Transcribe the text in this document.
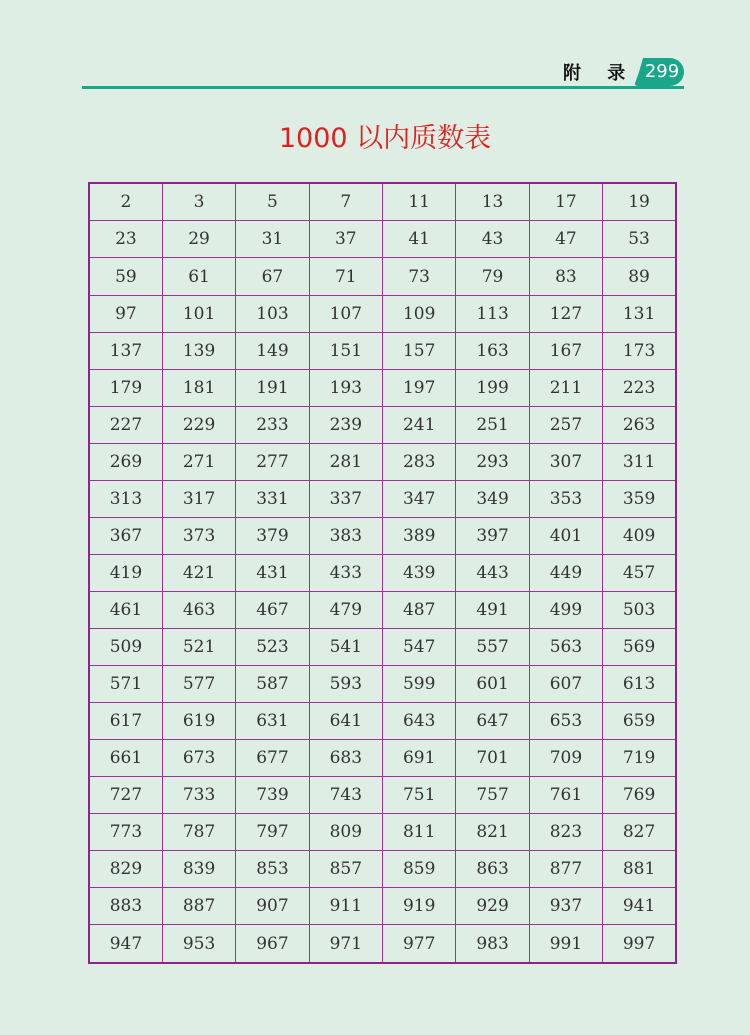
附 录 299
1000 以内质数表
2	3	5	7	11	13	17	19
23	29	31	37	41	43	47	53
59	61	67	71	73	79	83	89
97	101	103	107	109	113	127	131
137	139	149	151	157	163	167	173
179	181	191	193	197	199	211	223
227	229	233	239	241	251	257	263
269	271	277	281	283	293	307	311
313	317	331	337	347	349	353	359
367	373	379	383	389	397	401	409
419	421	431	433	439	443	449	457
461	463	467	479	487	491	499	503
509	521	523	541	547	557	563	569
571	577	587	593	599	601	607	613
617	619	631	641	643	647	653	659
661	673	677	683	691	701	709	719
727	733	739	743	751	757	761	769
773	787	797	809	811	821	823	827
829	839	853	857	859	863	877	881
883	887	907	911	919	929	937	941
947	953	967	971	977	983	991	997
